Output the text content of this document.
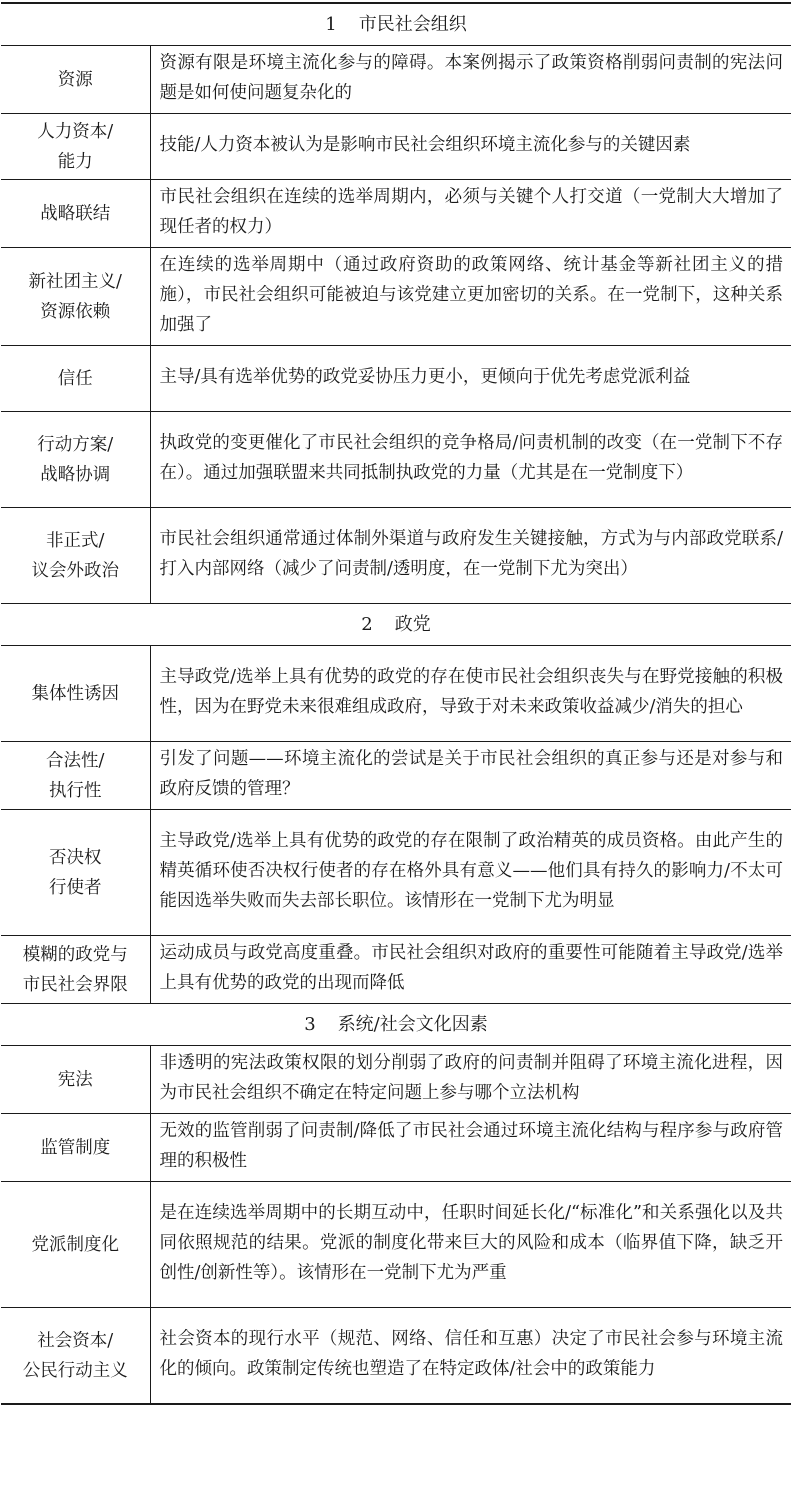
1 市民社会组织	

资源	资源有限是环境主流化参与的障碍。本案例揭示了政策资格削弱问责制的宪法问题是如何使问题复杂化的

人力资本/
能力	技能/人力资本被认为是影响市民社会组织环境主流化参与的关键因素

战略联结	市民社会组织在连续的选举周期内，必须与关键个人打交道（一党制大大增加了现任者的权力）

新社团主义/
资源依赖	在连续的选举周期中（通过政府资助的政策网络、统计基金等新社团主义的措施），市民社会组织可能被迫与该党建立更加密切的关系。在一党制下，这种关系加强了

信任	主导/具有选举优势的政党妥协压力更小，更倾向于优先考虑党派利益

行动方案/
战略协调	执政党的变更催化了市民社会组织的竞争格局/问责机制的改变（在一党制下不存在）。通过加强联盟来共同抵制执政党的力量（尤其是在一党制度下）

非正式/
议会外政治	市民社会组织通常通过体制外渠道与政府发生关键接触，方式为与内部政党联系/打入内部网络（减少了问责制/透明度，在一党制下尤为突出）
2 政党	

集体性诱因	主导政党/选举上具有优势的政党的存在使市民社会组织丧失与在野党接触的积极性，因为在野党未来很难组成政府，导致于对未来政策收益减少/消失的担心

合法性/
执行性	引发了问题——环境主流化的尝试是关于市民社会组织的真正参与还是对参与和政府反馈的管理？

否决权
行使者	主导政党/选举上具有优势的政党的存在限制了政治精英的成员资格。由此产生的精英循环使否决权行使者的存在格外具有意义——他们具有持久的影响力/不太可能因选举失败而失去部长职位。该情形在一党制下尤为明显

模糊的政党与
市民社会界限	运动成员与政党高度重叠。市民社会组织对政府的重要性可能随着主导政党/选举上具有优势的政党的出现而降低
3 系统/社会文化因素	

宪法	非透明的宪法政策权限的划分削弱了政府的问责制并阻碍了环境主流化进程，因为市民社会组织不确定在特定问题上参与哪个立法机构

监管制度	无效的监管削弱了问责制/降低了市民社会通过环境主流化结构与程序参与政府管理的积极性

党派制度化	是在连续选举周期中的长期互动中，任职时间延长化/“标准化”和关系强化以及共同依照规范的结果。党派的制度化带来巨大的风险和成本（临界值下降，缺乏开创性/创新性等）。该情形在一党制下尤为严重

社会资本/
公民行动主义	社会资本的现行水平（规范、网络、信任和互惠）决定了市民社会参与环境主流化的倾向。政策制定传统也塑造了在特定政体/社会中的政策能力
